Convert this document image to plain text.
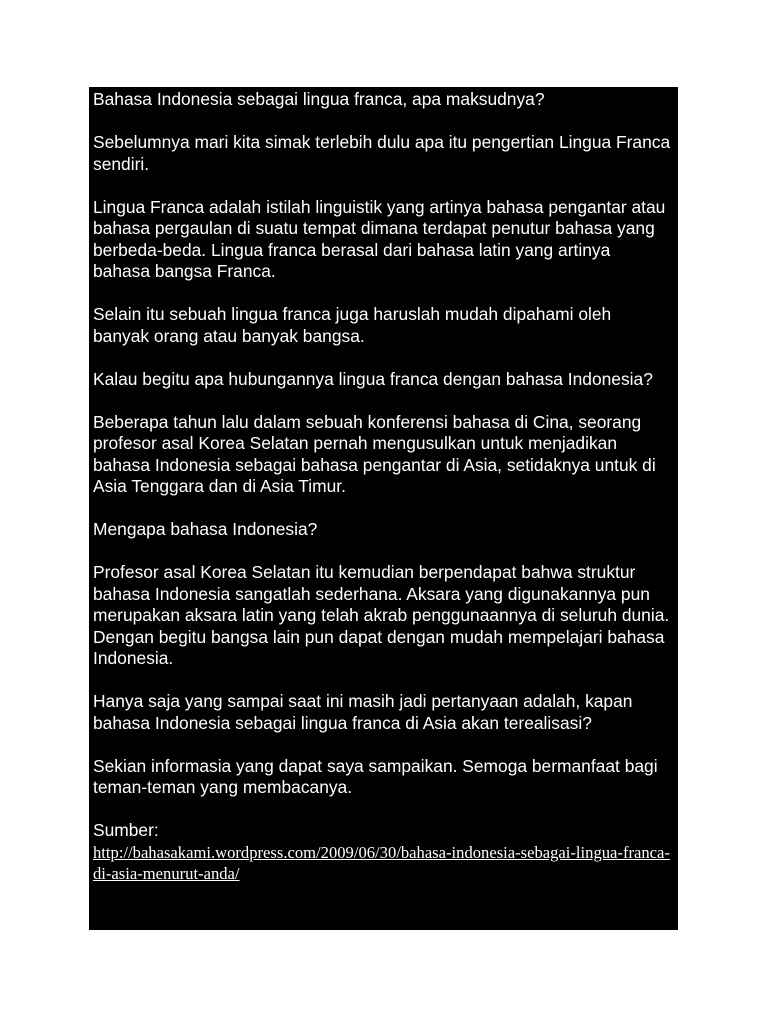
Bahasa Indonesia sebagai lingua franca, apa maksudnya?

Sebelumnya mari kita simak terlebih dulu apa itu pengertian Lingua Franca sendiri.

Lingua Franca adalah istilah linguistik yang artinya bahasa pengantar atau bahasa pergaulan di suatu tempat dimana terdapat penutur bahasa yang berbeda-beda. Lingua franca berasal dari bahasa latin yang artinya bahasa bangsa Franca.

Selain itu sebuah lingua franca juga haruslah mudah dipahami oleh banyak orang atau banyak bangsa.

Kalau begitu apa hubungannya lingua franca dengan bahasa Indonesia?

Beberapa tahun lalu dalam sebuah konferensi bahasa di Cina, seorang profesor asal Korea Selatan pernah mengusulkan untuk menjadikan bahasa Indonesia sebagai bahasa pengantar di Asia, setidaknya untuk di Asia Tenggara dan di Asia Timur.

Mengapa bahasa Indonesia?

Profesor asal Korea Selatan itu kemudian berpendapat bahwa struktur bahasa Indonesia sangatlah sederhana. Aksara yang digunakannya pun merupakan aksara latin yang telah akrab penggunaannya di seluruh dunia. Dengan begitu bangsa lain pun dapat dengan mudah mempelajari bahasa Indonesia.

Hanya saja yang sampai saat ini masih jadi pertanyaan adalah, kapan bahasa Indonesia sebagai lingua franca di Asia akan terealisasi?

Sekian informasia yang dapat saya sampaikan. Semoga bermanfaat bagi teman-teman yang membacanya.

Sumber:

http://bahasakami.wordpress.com/2009/06/30/bahasa-indonesia-sebagai-lingua-franca-di-asia-menurut-anda/
